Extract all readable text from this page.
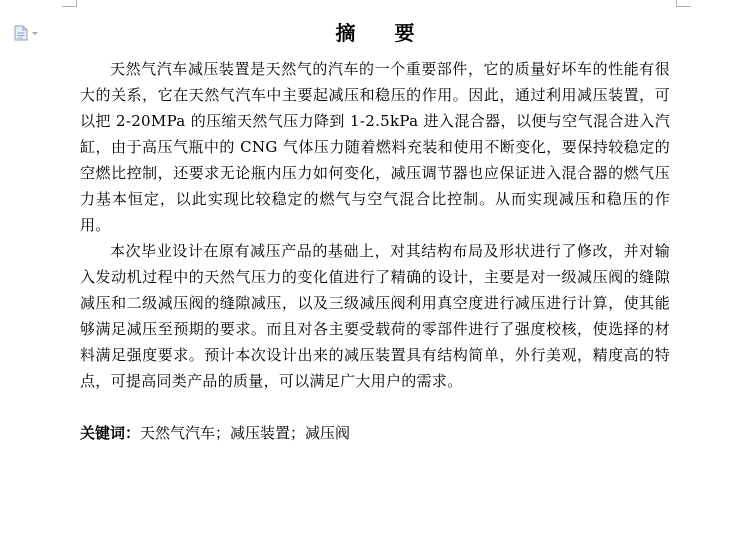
摘 要

天然气汽车减压装置是天然气的汽车的一个重要部件，它的质量好坏车的性能有很大的关系，它在天然气汽车中主要起减压和稳压的作用。因此，通过利用减压装置，可以把 2-20MPa 的压缩天然气压力降到 1-2.5kPa 进入混合器，以便与空气混合进入汽缸，由于高压气瓶中的 CNG 气体压力随着燃料充装和使用不断变化，要保持较稳定的空燃比控制，还要求无论瓶内压力如何变化，减压调节器也应保证进入混合器的燃气压力基本恒定，以此实现比较稳定的燃气与空气混合比控制。从而实现减压和稳压的作用。

本次毕业设计在原有减压产品的基础上，对其结构布局及形状进行了修改，并对输入发动机过程中的天然气压力的变化值进行了精确的设计，主要是对一级减压阀的缝隙减压和二级减压阀的缝隙减压，以及三级减压阀利用真空度进行减压进行计算，使其能够满足减压至预期的要求。而且对各主要受载荷的零部件进行了强度校核，使选择的材料满足强度要求。预计本次设计出来的减压装置具有结构简单，外行美观，精度高的特点，可提高同类产品的质量，可以满足广大用户的需求。

关键词：天然气汽车；减压装置；减压阀
